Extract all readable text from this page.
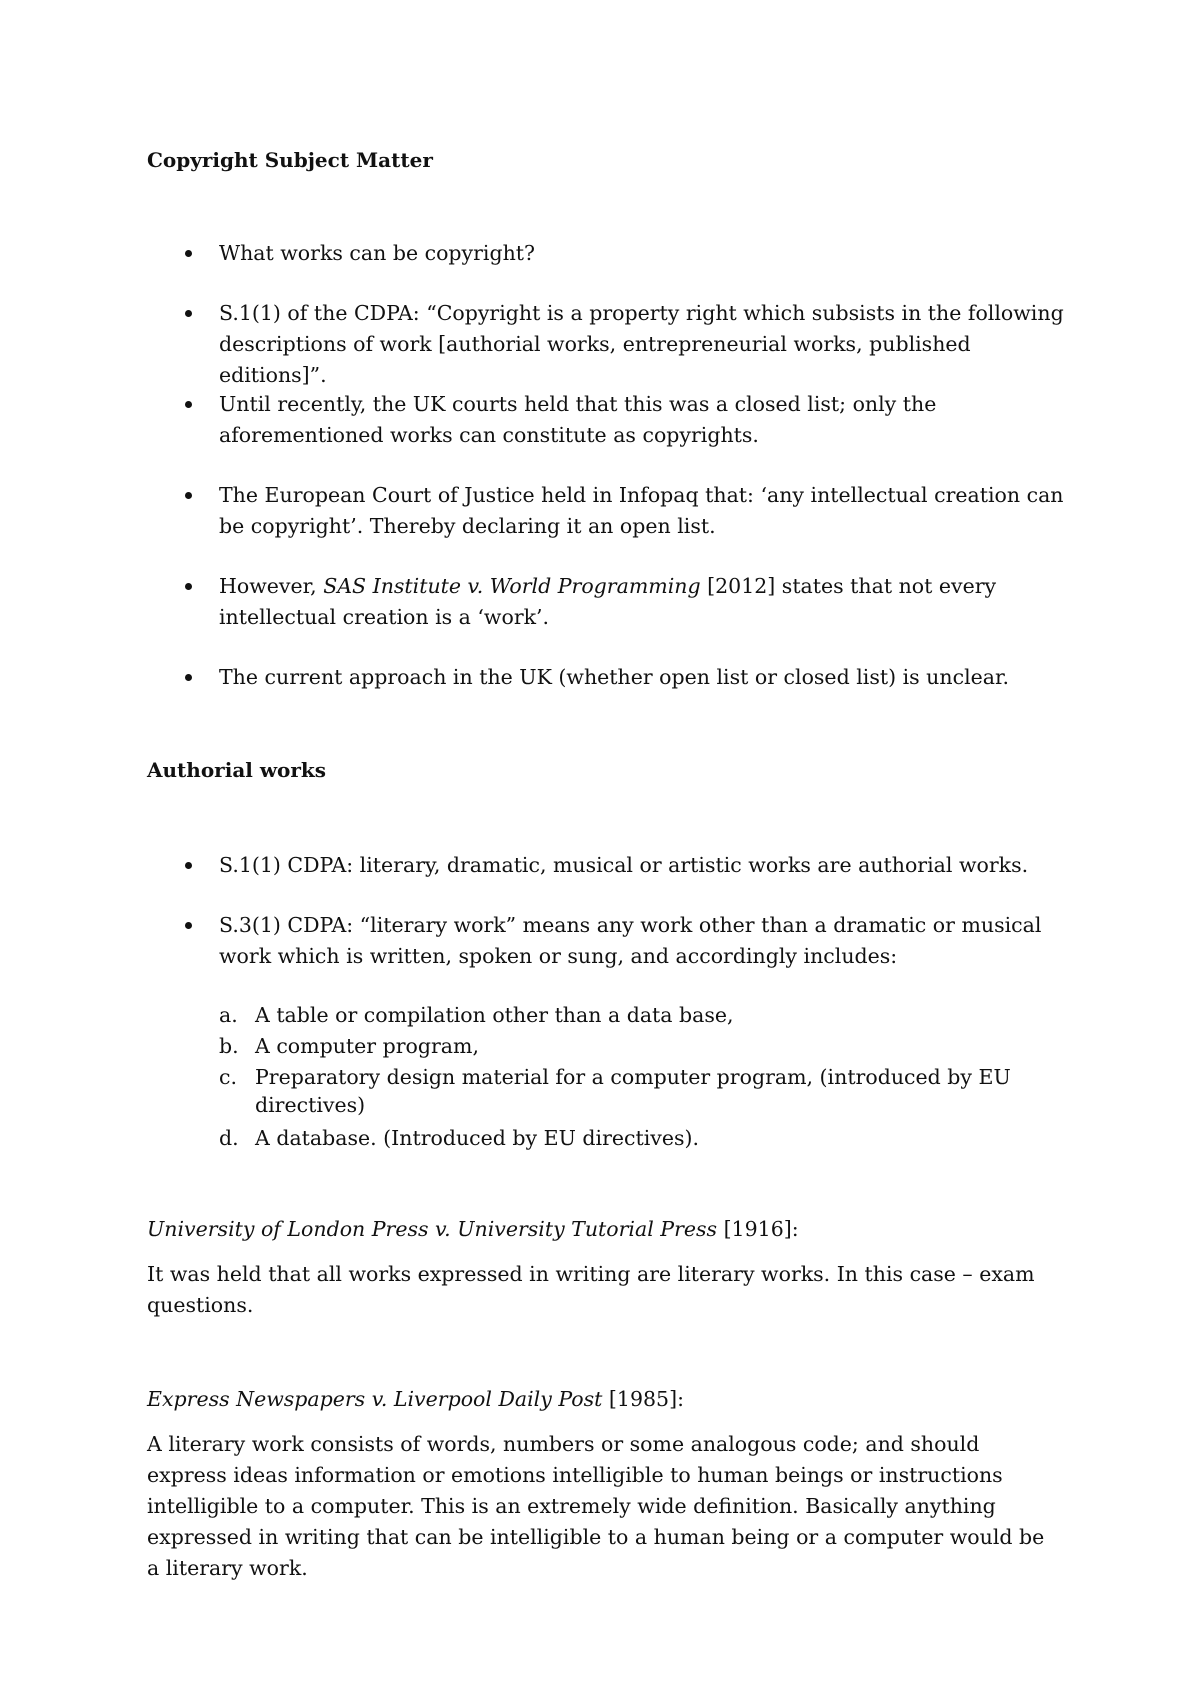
Copyright Subject Matter
What works can be copyright?
S.1(1) of the CDPA: “Copyright is a property right which subsists in the following descriptions of work [authorial works, entrepreneurial works, published editions]”.
Until recently, the UK courts held that this was a closed list; only the aforementioned works can constitute as copyrights.
The European Court of Justice held in Infopaq that: ‘any intellectual creation can be copyright’. Thereby declaring it an open list.
However, SAS Institute v. World Programming [2012] states that not every intellectual creation is a ‘work’.
The current approach in the UK (whether open list or closed list) is unclear.
Authorial works
S.1(1) CDPA: literary, dramatic, musical or artistic works are authorial works.
S.3(1) CDPA: “literary work” means any work other than a dramatic or musical work which is written, spoken or sung, and accordingly includes:
a. A table or compilation other than a data base,
b. A computer program,
c. Preparatory design material for a computer program, (introduced by EU directives)
d. A database. (Introduced by EU directives).
University of London Press v. University Tutorial Press [1916]:
It was held that all works expressed in writing are literary works. In this case – exam questions.
Express Newspapers v. Liverpool Daily Post [1985]:
A literary work consists of words, numbers or some analogous code; and should express ideas information or emotions intelligible to human beings or instructions intelligible to a computer. This is an extremely wide definition. Basically anything expressed in writing that can be intelligible to a human being or a computer would be a literary work.
